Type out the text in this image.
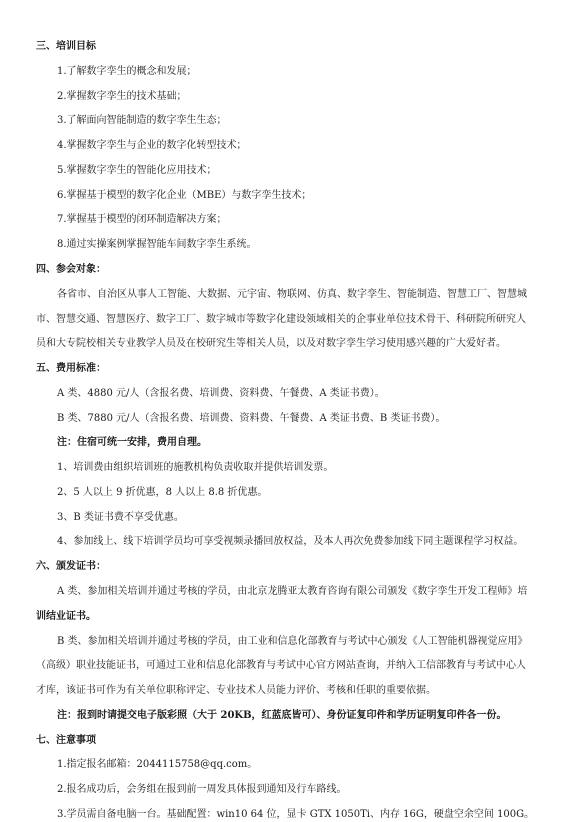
三、培训目标
1.了解数字孪生的概念和发展；
2.掌握数字孪生的技术基础；
3.了解面向智能制造的数字孪生生态；
4.掌握数字孪生与企业的数字化转型技术；
5.掌握数字孪生的智能化应用技术；
6.掌握基于模型的数字化企业（MBE）与数字孪生技术；
7.掌握基于模型的闭环制造解决方案；
8.通过实操案例掌握智能车间数字孪生系统。
四、参会对象：
各省市、自治区从事人工智能、大数据、元宇宙、物联网、仿真、数字孪生、智能制造、智慧工厂、智慧城
市、智慧交通、智慧医疗、数字工厂、数字城市等数字化建设领域相关的企事业单位技术骨干、科研院所研究人
员和大专院校相关专业教学人员及在校研究生等相关人员，以及对数字孪生学习使用感兴趣的广大爱好者。
五、费用标准：
A 类、4880 元/人（含报名费、培训费、资料费、午餐费、A 类证书费）。
B 类、7880 元/人（含报名费、培训费、资料费、午餐费、A 类证书费、B 类证书费）。
注：住宿可统一安排，费用自理。
1、培训费由组织培训班的施教机构负责收取并提供培训发票。
2、5 人以上 9 折优惠，8 人以上 8.8 折优惠。
3、B 类证书费不享受优惠。
4、参加线上、线下培训学员均可享受视频录播回放权益，及本人再次免费参加线下同主题课程学习权益。
六、颁发证书：
A 类、参加相关培训并通过考核的学员，由北京龙腾亚太教育咨询有限公司颁发《数字孪生开发工程师》培
训结业证书。
B 类、参加相关培训并通过考核的学员，由工业和信息化部教育与考试中心颁发《人工智能机器视觉应用》
（高级）职业技能证书，可通过工业和信息化部教育与考试中心官方网站查询，并纳入工信部教育与考试中心人
才库，该证书可作为有关单位职称评定、专业技术人员能力评价、考核和任职的重要依据。
注：报到时请提交电子版彩照（大于 20KB，红蓝底皆可）、身份证复印件和学历证明复印件各一份。
七、注意事项
1.指定报名邮箱：2044115758@qq.com。
2.报名成功后，会务组在报到前一周发具体报到通知及行车路线。
3.学员需自备电脑一台。基础配置：win10 64 位，显卡 GTX 1050Ti、内存 16G，硬盘空余空间 100G。
